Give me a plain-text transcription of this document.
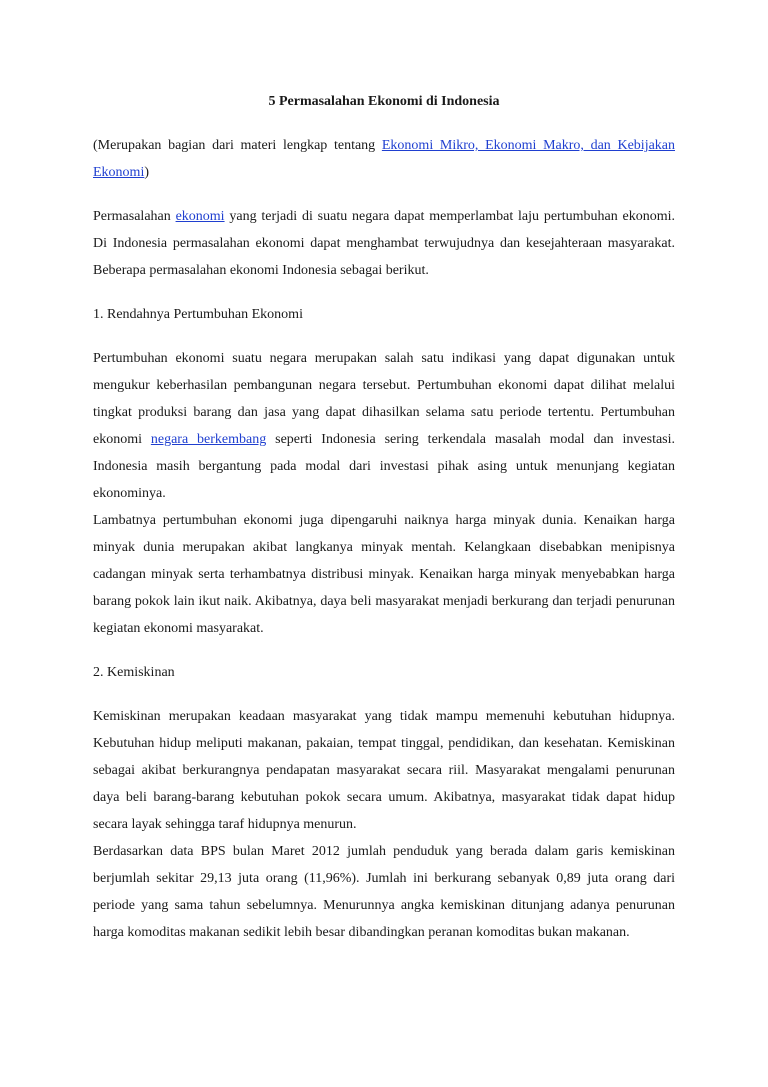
5 Permasalahan Ekonomi di Indonesia

(Merupakan bagian dari materi lengkap tentang Ekonomi Mikro, Ekonomi Makro, dan Kebijakan Ekonomi)

Permasalahan ekonomi yang terjadi di suatu negara dapat memperlambat laju pertumbuhan ekonomi. Di Indonesia permasalahan ekonomi dapat menghambat terwujudnya dan kesejahteraan masyarakat. Beberapa permasalahan ekonomi Indonesia sebagai berikut.

1. Rendahnya Pertumbuhan Ekonomi

Pertumbuhan ekonomi suatu negara merupakan salah satu indikasi yang dapat digunakan untuk mengukur keberhasilan pembangunan negara tersebut. Pertumbuhan ekonomi dapat dilihat melalui tingkat produksi barang dan jasa yang dapat dihasilkan selama satu periode tertentu. Pertumbuhan ekonomi negara berkembang seperti Indonesia sering terkendala masalah modal dan investasi. Indonesia masih bergantung pada modal dari investasi pihak asing untuk menunjang kegiatan ekonominya.

Lambatnya pertumbuhan ekonomi juga dipengaruhi naiknya harga minyak dunia. Kenaikan harga minyak dunia merupakan akibat langkanya minyak mentah. Kelangkaan disebabkan menipisnya cadangan minyak serta terhambatnya distribusi minyak. Kenaikan harga minyak menyebabkan harga barang pokok lain ikut naik. Akibatnya, daya beli masyarakat menjadi berkurang dan terjadi penurunan kegiatan ekonomi masyarakat.

2. Kemiskinan

Kemiskinan merupakan keadaan masyarakat yang tidak mampu memenuhi kebutuhan hidupnya. Kebutuhan hidup meliputi makanan, pakaian, tempat tinggal, pendidikan, dan kesehatan. Kemiskinan sebagai akibat berkurangnya pendapatan masyarakat secara riil. Masyarakat mengalami penurunan daya beli barang-barang kebutuhan pokok secara umum. Akibatnya, masyarakat tidak dapat hidup secara layak sehingga taraf hidupnya menurun.

Berdasarkan data BPS bulan Maret 2012 jumlah penduduk yang berada dalam garis kemiskinan berjumlah sekitar 29,13 juta orang (11,96%). Jumlah ini berkurang sebanyak 0,89 juta orang dari periode yang sama tahun sebelumnya. Menurunnya angka kemiskinan ditunjang adanya penurunan harga komoditas makanan sedikit lebih besar dibandingkan peranan komoditas bukan makanan.
